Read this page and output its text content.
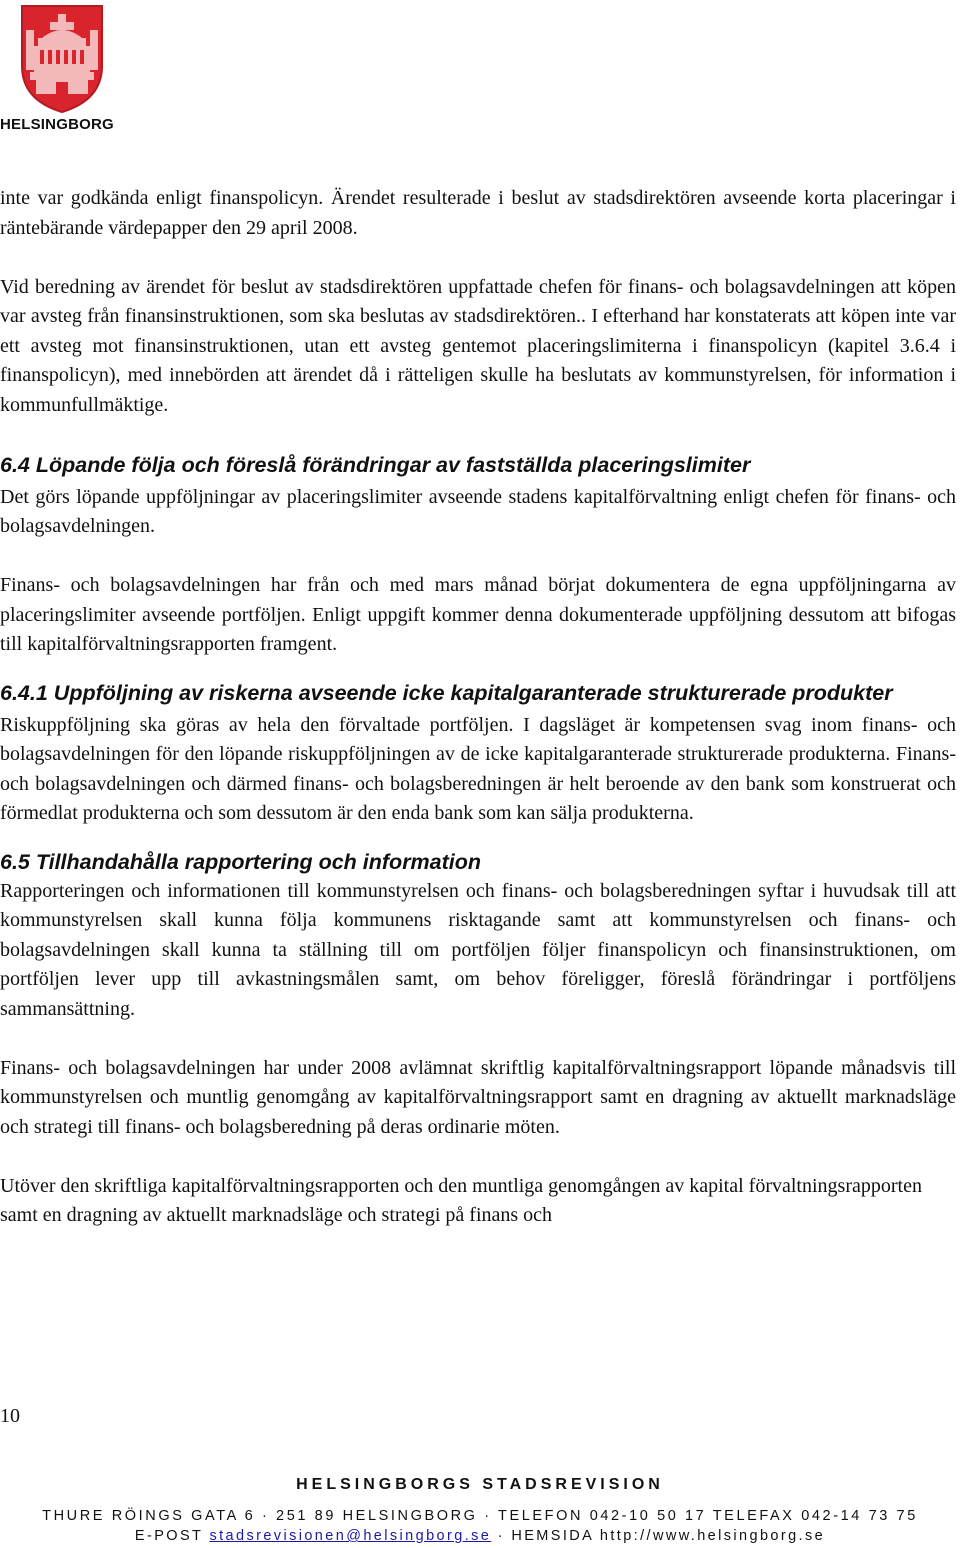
HELSINGBORG

inte var godkända enligt finanspolicyn. Ärendet resulterade i beslut av stadsdirektören avseende korta placeringar i räntebärande värdepapper den 29 april 2008.

Vid beredning av ärendet för beslut av stadsdirektören uppfattade chefen för finans- och bolagsavdelningen att köpen var avsteg från finansinstruktionen, som ska beslutas av stadsdirektören.. I efterhand har konstaterats att köpen inte var ett avsteg mot finansinstruktionen, utan ett avsteg gentemot placeringslimiterna i finanspolicyn (kapitel 3.6.4 i finanspolicyn), med innebörden att ärendet då i rätteligen skulle ha beslutats av kommunstyrelsen, för information i kommunfullmäktige.

6.4 Löpande följa och föreslå förändringar av fastställda placeringslimiter

Det görs löpande uppföljningar av placeringslimiter avseende stadens kapitalförvaltning enligt chefen för finans- och bolagsavdelningen.

Finans- och bolagsavdelningen har från och med mars månad börjat dokumentera de egna uppföljningarna av placeringslimiter avseende portföljen. Enligt uppgift kommer denna dokumenterade uppföljning dessutom att bifogas till kapitalförvaltningsrapporten framgent.

6.4.1 Uppföljning av riskerna avseende icke kapitalgaranterade strukturerade produkter

Riskuppföljning ska göras av hela den förvaltade portföljen. I dagsläget är kompetensen svag inom finans- och bolagsavdelningen för den löpande riskuppföljningen av de icke kapitalgaranterade strukturerade produkterna. Finans- och bolagsavdelningen och därmed finans- och bolagsberedningen är helt beroende av den bank som konstruerat och förmedlat produkterna och som dessutom är den enda bank som kan sälja produkterna.

6.5 Tillhandahålla rapportering och information

Rapporteringen och informationen till kommunstyrelsen och finans- och bolagsberedningen syftar i huvudsak till att kommunstyrelsen skall kunna följa kommunens risktagande samt att kommunstyrelsen och finans- och bolagsavdelningen skall kunna ta ställning till om portföljen följer finanspolicyn och finansinstruktionen, om portföljen lever upp till avkastningsmålen samt, om behov föreligger, föreslå förändringar i portföljens sammansättning.

Finans- och bolagsavdelningen har under 2008 avlämnat skriftlig kapitalförvaltningsrapport löpande månadsvis till kommunstyrelsen och muntlig genomgång av kapitalförvaltningsrapport samt en dragning av aktuellt marknadsläge och strategi till finans- och bolagsberedning på deras ordinarie möten.

Utöver den skriftliga kapitalförvaltningsrapporten och den muntliga genomgången av kapital förvaltningsrapporten samt en dragning av aktuellt marknadsläge och strategi på finans och

10
HELSINGBORGS STADSREVISION
THURE RÖINGS GATA 6 · 251 89 HELSINGBORG · TELEFON 042-10 50 17 TELEFAX 042-14 73 75
E-POST stadsrevisionen@helsingborg.se · HEMSIDA http://www.helsingborg.se
